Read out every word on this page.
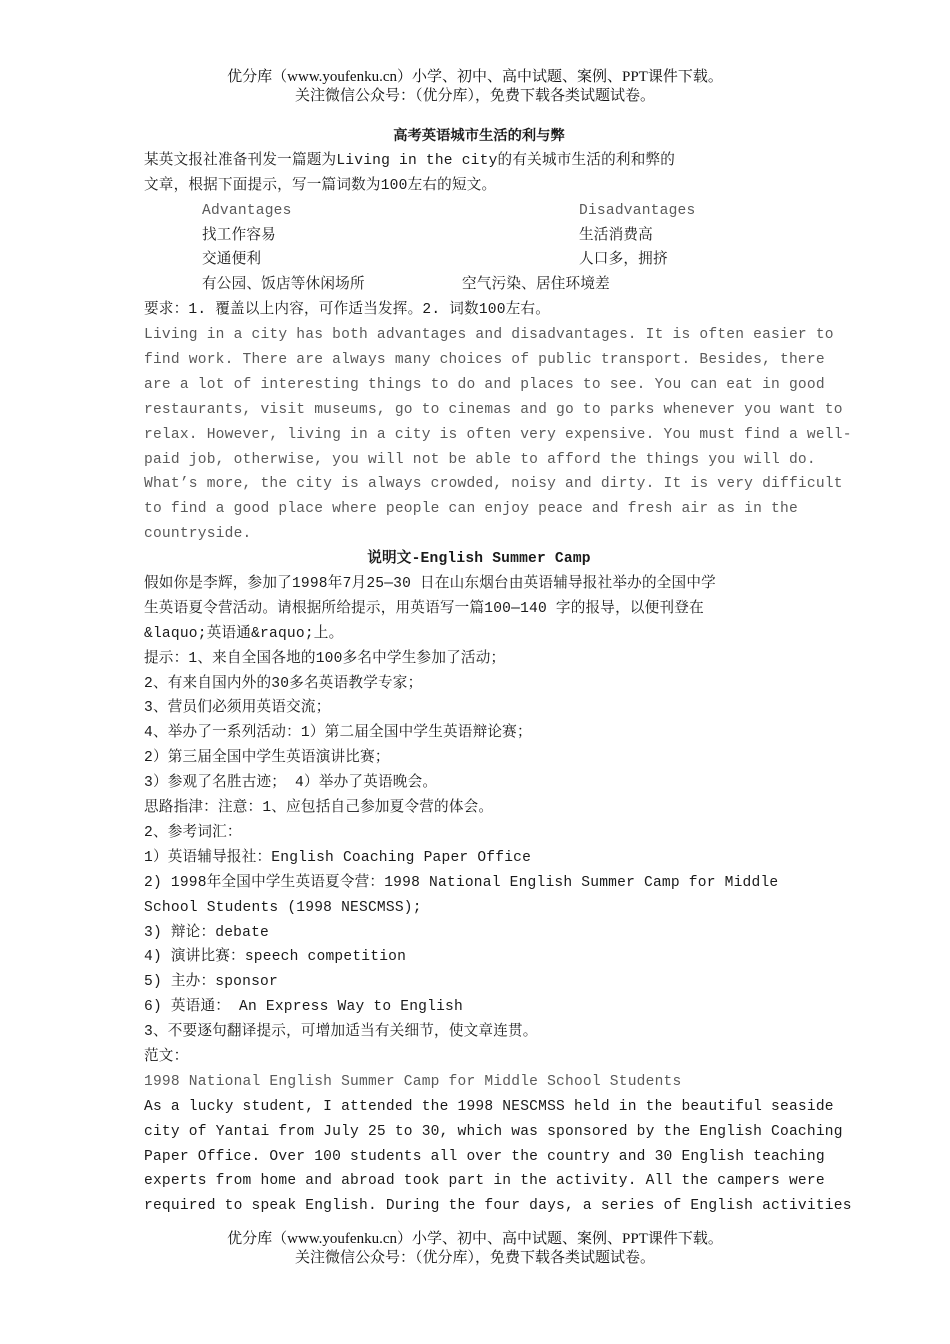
优分库（www.youfenku.cn）小学、初中、高中试题、案例、PPT课件下载。
关注微信公众号：（优分库），免费下载各类试题试卷。
高考英语城市生活的利与弊
某英文报社准备刊发一篇题为Living in the city的有关城市生活的利和弊的
文章，根据下面提示，写一篇词数为100左右的短文。
Advantages	Disadvantages
找工作容易	生活消费高
交通便利	人口多，拥挤
有公园、饭店等休闲场所	空气污染、居住环境差
要求：1. 覆盖以上内容，可作适当发挥。2. 词数100左右。
Living in a city has both advantages and disadvantages. It is often easier to
find work. There are always many choices of public transport. Besides, there
are a lot of interesting things to do and places to see. You can eat in good
restaurants, visit museums, go to cinemas and go to parks whenever you want to
relax. However, living in a city is often very expensive. You must find a well-
paid job, otherwise, you will not be able to afford the things you will do.
What’s more, the city is always crowded, noisy and dirty. It is very difficult
to find a good place where people can enjoy peace and fresh air as in the
countryside.
说明文-English Summer Camp
假如你是李辉，参加了1998年7月25—30 日在山东烟台由英语辅导报社举办的全国中学
生英语夏令营活动。请根据所给提示，用英语写一篇100—140 字的报导，以便刊登在
&laquo;英语通&raquo;上。
提示：1、来自全国各地的100多名中学生参加了活动；
2、有来自国内外的30多名英语教学专家；
3、营员们必须用英语交流；
4、举办了一系列活动：1）第二届全国中学生英语辩论赛；
2）第三届全国中学生英语演讲比赛；
3）参观了名胜古迹； 4）举办了英语晚会。
思路指津：注意：1、应包括自己参加夏令营的体会。
2、参考词汇：
1）英语辅导报社：English Coaching Paper Office
2) 1998年全国中学生英语夏令营：1998 National English Summer Camp for Middle
School Students (1998 NESCMSS);
3) 辩论：debate
4) 演讲比赛：speech competition
5) 主办：sponsor
6) 英语通： An Express Way to English
3、不要逐句翻译提示，可增加适当有关细节，使文章连贯。
范文：
1998 National English Summer Camp for Middle School Students
As a lucky student, I attended the 1998 NESCMSS held in the beautiful seaside
city of Yantai from July 25 to 30, which was sponsored by the English Coaching
Paper Office. Over 100 students all over the country and 30 English teaching
experts from home and abroad took part in the activity. All the campers were
required to speak English. During the four days, a series of English activities
优分库（www.youfenku.cn）小学、初中、高中试题、案例、PPT课件下载。
关注微信公众号：（优分库），免费下载各类试题试卷。
